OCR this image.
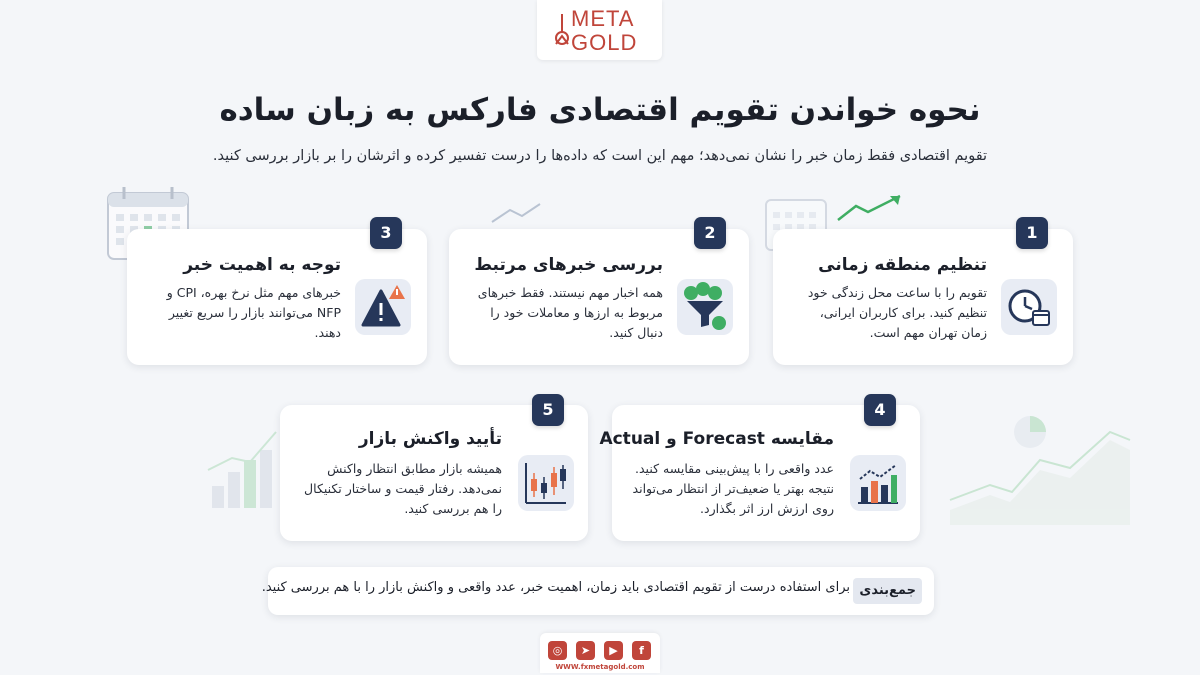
META
GOLD
نحوه خواندن تقویم اقتصادی فارکس به زبان ساده
تقویم اقتصادی فقط زمان خبر را نشان نمی‌دهد؛ مهم این است که داده‌ها را درست تفسیر کرده و اثرشان را بر بازار بررسی کنید.
تنظیم منطقه زمانی
تقویم را با ساعت محل زندگی خود تنظیم کنید. برای کاربران ایرانی، زمان تهران مهم است.
1
بررسی خبرهای مرتبط
همه اخبار مهم نیستند. فقط خبرهای مربوط به ارزها و معاملات خود را دنبال کنید.
2
توجه به اهمیت خبر
خبرهای مهم مثل نرخ بهره، CPI و NFP می‌توانند بازار را سریع تغییر دهند.
3
مقایسه Forecast و Actual
عدد واقعی را با پیش‌بینی مقایسه کنید. نتیجه بهتر یا ضعیف‌تر از انتظار می‌تواند روی ارزش ارز اثر بگذارد.
4
تأیید واکنش بازار
همیشه بازار مطابق انتظار واکنش نمی‌دهد. رفتار قیمت و ساختار تکنیکال را هم بررسی کنید.
5
جمع‌بندی
برای استفاده درست از تقویم اقتصادی باید زمان، اهمیت خبر، عدد واقعی و واکنش بازار را با هم بررسی کنید.
◎	➤	▶	f
WWW.fxmetagold.com
